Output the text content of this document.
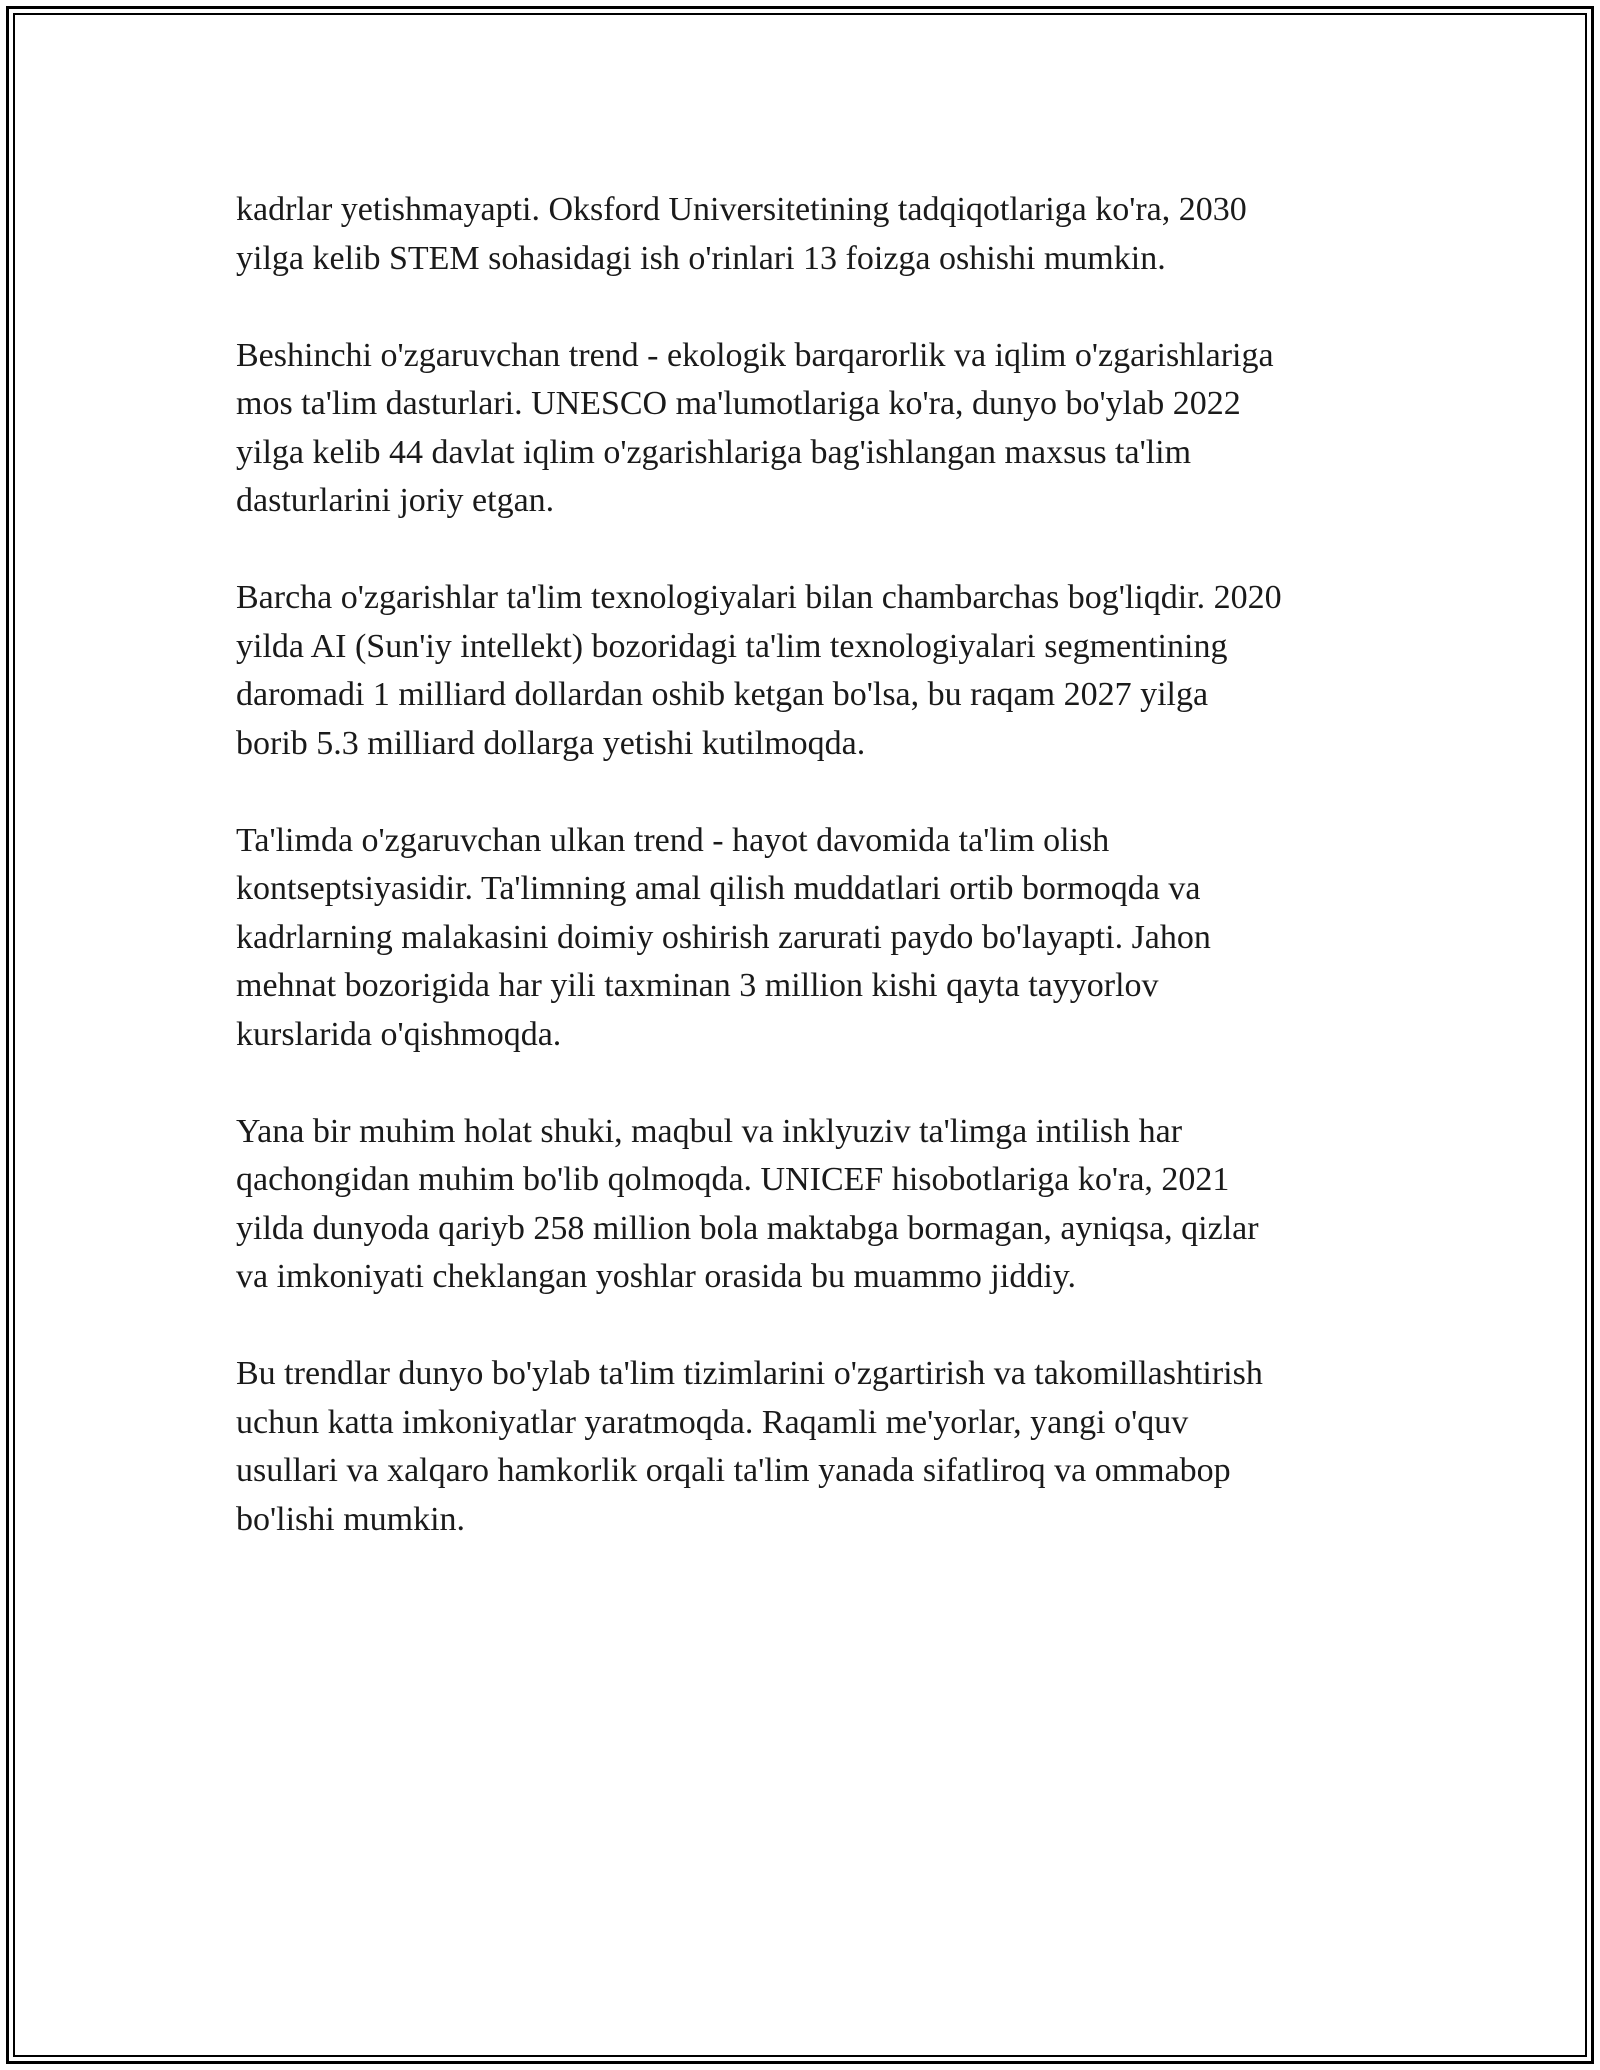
kadrlar yetishmayapti. Oksford Universitetining tadqiqotlariga ko'ra, 2030
yilga kelib STEM sohasidagi ish o'rinlari 13 foizga oshishi mumkin.

Beshinchi o'zgaruvchan trend - ekologik barqarorlik va iqlim o'zgarishlariga
mos ta'lim dasturlari. UNESCO ma'lumotlariga ko'ra, dunyo bo'ylab 2022
yilga kelib 44 davlat iqlim o'zgarishlariga bag'ishlangan maxsus ta'lim
dasturlarini joriy etgan.

Barcha o'zgarishlar ta'lim texnologiyalari bilan chambarchas bog'liqdir. 2020
yilda AI (Sun'iy intellekt) bozoridagi ta'lim texnologiyalari segmentining
daromadi 1 milliard dollardan oshib ketgan bo'lsa, bu raqam 2027 yilga
borib 5.3 milliard dollarga yetishi kutilmoqda.

Ta'limda o'zgaruvchan ulkan trend - hayot davomida ta'lim olish
kontseptsiyasidir. Ta'limning amal qilish muddatlari ortib bormoqda va
kadrlarning malakasini doimiy oshirish zarurati paydo bo'layapti. Jahon
mehnat bozorigida har yili taxminan 3 million kishi qayta tayyorlov
kurslarida o'qishmoqda.

Yana bir muhim holat shuki, maqbul va inklyuziv ta'limga intilish har
qachongidan muhim bo'lib qolmoqda. UNICEF hisobotlariga ko'ra, 2021
yilda dunyoda qariyb 258 million bola maktabga bormagan, ayniqsa, qizlar
va imkoniyati cheklangan yoshlar orasida bu muammo jiddiy.

Bu trendlar dunyo bo'ylab ta'lim tizimlarini o'zgartirish va takomillashtirish
uchun katta imkoniyatlar yaratmoqda. Raqamli me'yorlar, yangi o'quv
usullari va xalqaro hamkorlik orqali ta'lim yanada sifatliroq va ommabop
bo'lishi mumkin.
